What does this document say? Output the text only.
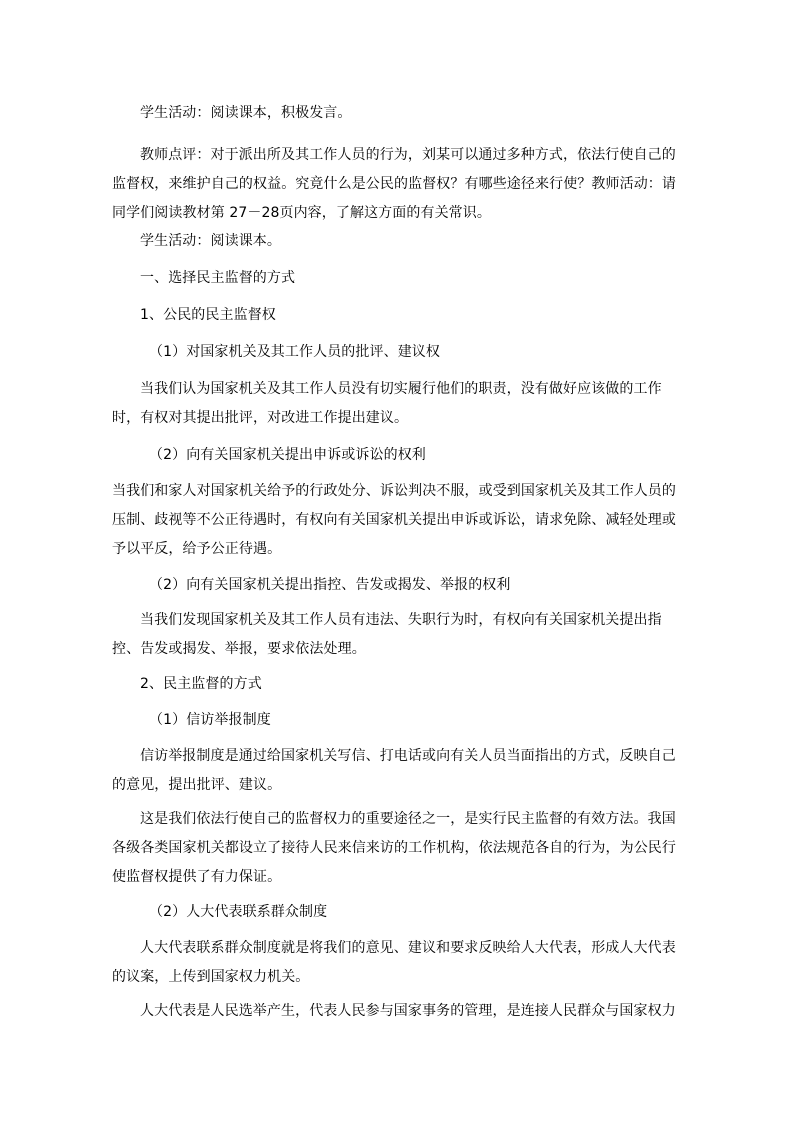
学生活动：阅读课本，积极发言。

教师点评：对于派出所及其工作人员的行为，刘某可以通过多种方式，依法行使自己的监督权，来维护自己的权益。究竟什么是公民的监督权？有哪些途径来行使？教师活动：请同学们阅读教材第 27－28页内容，了解这方面的有关常识。

学生活动：阅读课本。

一、选择民主监督的方式

1、公民的民主监督权

（1）对国家机关及其工作人员的批评、建议权

当我们认为国家机关及其工作人员没有切实履行他们的职责，没有做好应该做的工作时，有权对其提出批评，对改进工作提出建议。

（2）向有关国家机关提出申诉或诉讼的权利

当我们和家人对国家机关给予的行政处分、诉讼判决不服，或受到国家机关及其工作人员的压制、歧视等不公正待遇时，有权向有关国家机关提出申诉或诉讼，请求免除、减轻处理或予以平反，给予公正待遇。

（2）向有关国家机关提出指控、告发或揭发、举报的权利

当我们发现国家机关及其工作人员有违法、失职行为时，有权向有关国家机关提出指控、告发或揭发、举报，要求依法处理。

2、民主监督的方式

（1）信访举报制度

信访举报制度是通过给国家机关写信、打电话或向有关人员当面指出的方式，反映自己的意见，提出批评、建议。

这是我们依法行使自己的监督权力的重要途径之一，是实行民主监督的有效方法。我国各级各类国家机关都设立了接待人民来信来访的工作机构，依法规范各自的行为，为公民行使监督权提供了有力保证。

（2）人大代表联系群众制度

人大代表联系群众制度就是将我们的意见、建议和要求反映给人大代表，形成人大代表的议案，上传到国家权力机关。

人大代表是人民选举产生，代表人民参与国家事务的管理，是连接人民群众与国家权力
